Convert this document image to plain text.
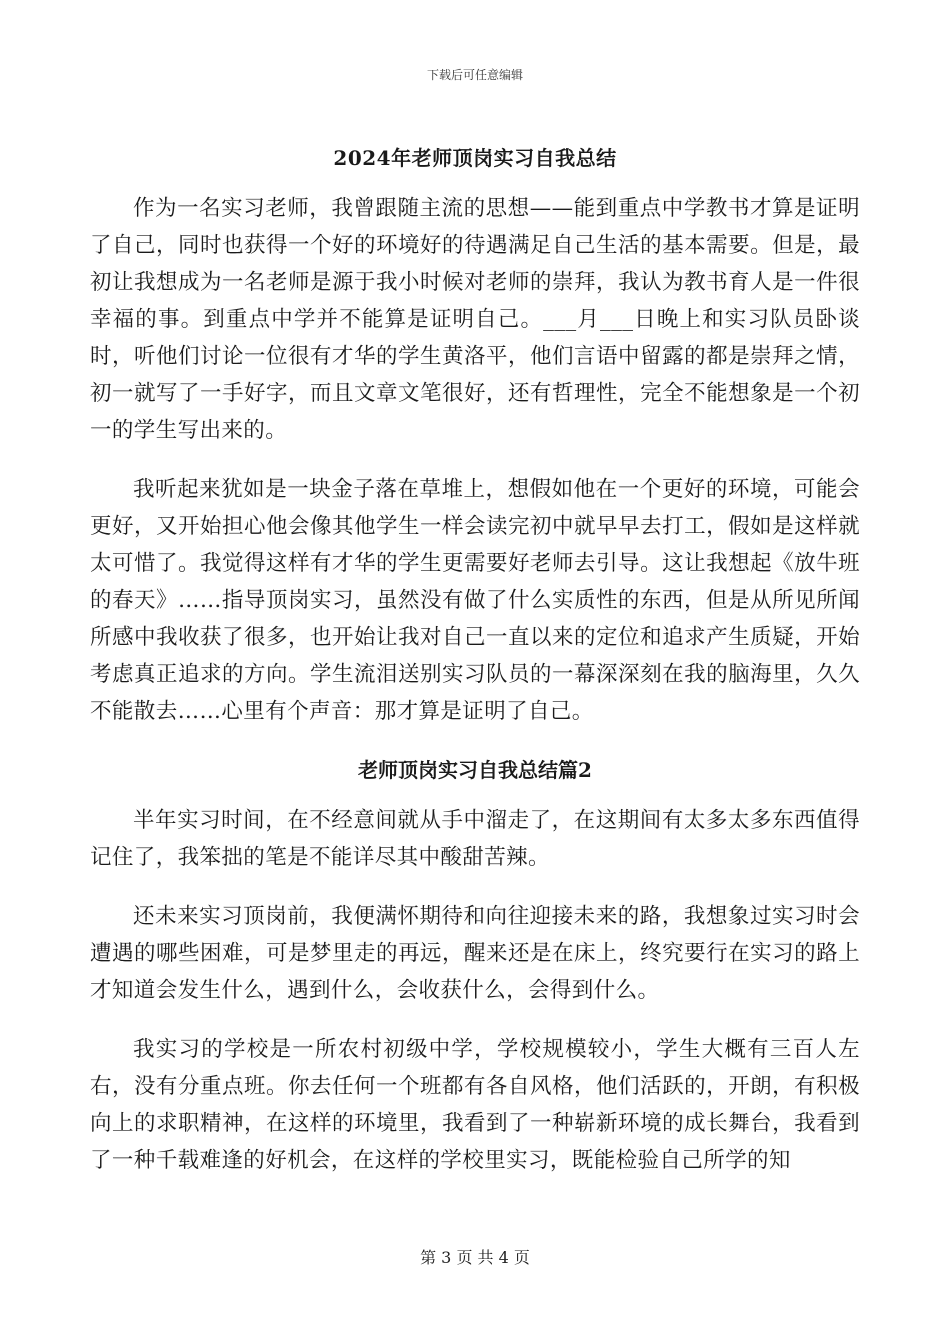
下载后可任意编辑
2024年老师顶岗实习自我总结

作为一名实习老师，我曾跟随主流的思想——能到重点中学教书才算是证明了自己，同时也获得一个好的环境好的待遇满足自己生活的基本需要。但是，最初让我想成为一名老师是源于我小时候对老师的崇拜，我认为教书育人是一件很幸福的事。到重点中学并不能算是证明自己。___月___日晚上和实习队员卧谈时，听他们讨论一位很有才华的学生黄洛平，他们言语中留露的都是崇拜之情，初一就写了一手好字，而且文章文笔很好，还有哲理性，完全不能想象是一个初一的学生写出来的。

我听起来犹如是一块金子落在草堆上，想假如他在一个更好的环境，可能会更好，又开始担心他会像其他学生一样会读完初中就早早去打工，假如是这样就太可惜了。我觉得这样有才华的学生更需要好老师去引导。这让我想起《放牛班的春天》……指导顶岗实习，虽然没有做了什么实质性的东西，但是从所见所闻所感中我收获了很多，也开始让我对自己一直以来的定位和追求产生质疑，开始考虑真正追求的方向。学生流泪送别实习队员的一幕深深刻在我的脑海里，久久不能散去……心里有个声音：那才算是证明了自己。

老师顶岗实习自我总结篇2

半年实习时间，在不经意间就从手中溜走了，在这期间有太多太多东西值得记住了，我笨拙的笔是不能详尽其中酸甜苦辣。

还未来实习顶岗前，我便满怀期待和向往迎接未来的路，我想象过实习时会遭遇的哪些困难，可是梦里走的再远，醒来还是在床上，终究要行在实习的路上才知道会发生什么，遇到什么，会收获什么，会得到什么。

我实习的学校是一所农村初级中学，学校规模较小，学生大概有三百人左右，没有分重点班。你去任何一个班都有各自风格，他们活跃的，开朗，有积极向上的求职精神，在这样的环境里，我看到了一种崭新环境的成长舞台，我看到了一种千载难逢的好机会，在这样的学校里实习，既能检验自己所学的知

第 3 页 共 4 页
